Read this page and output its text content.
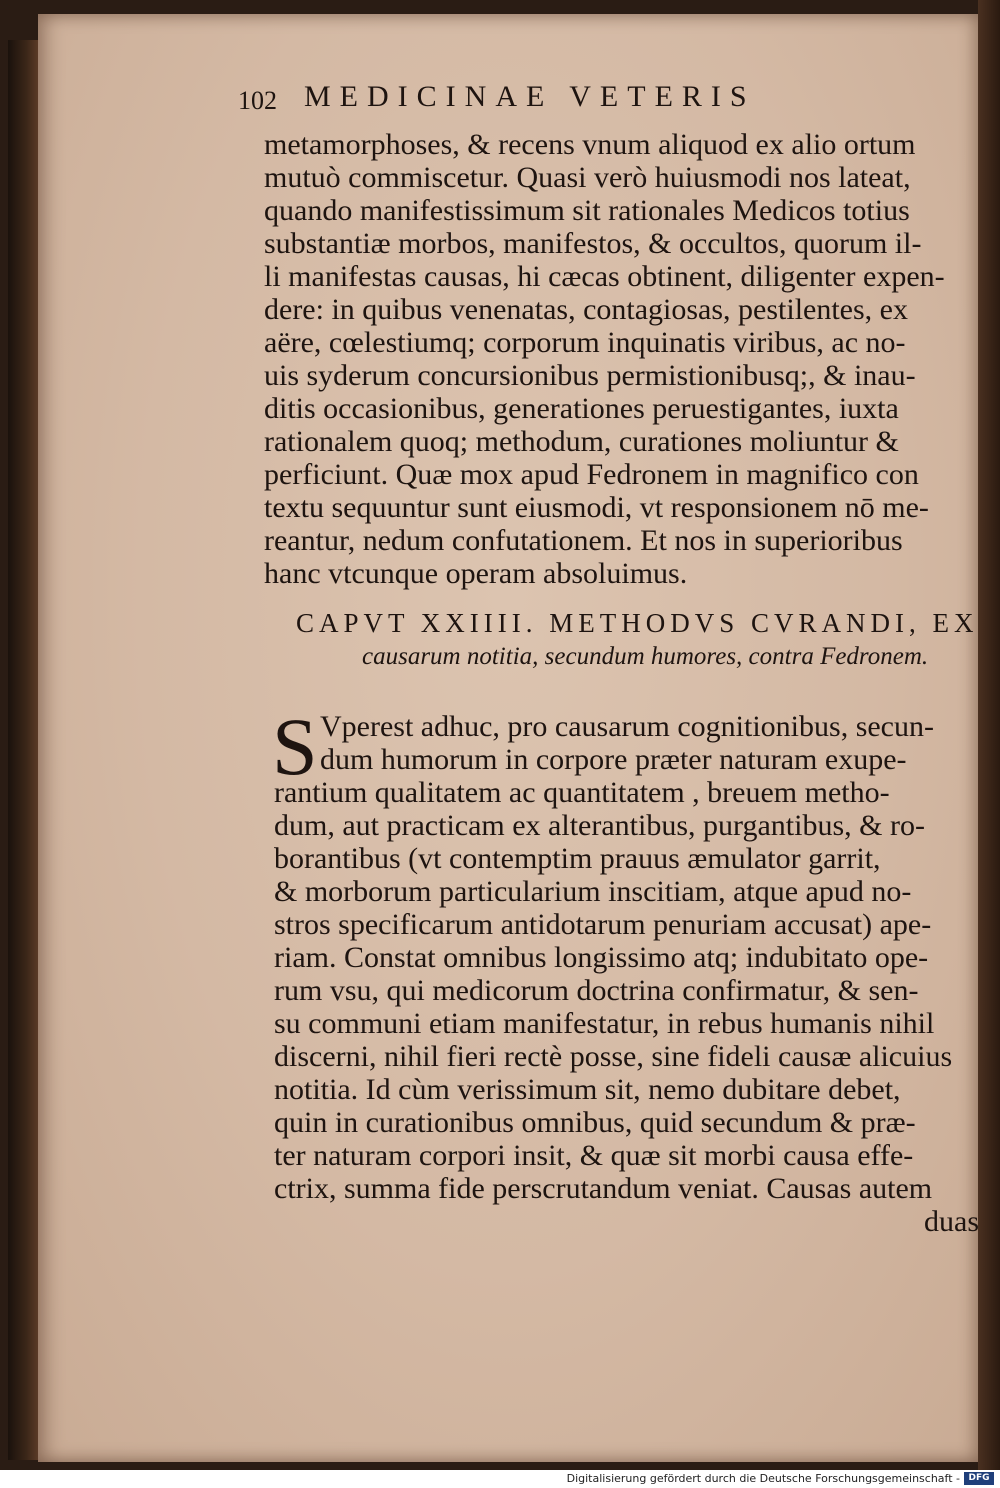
102 MEDICINAE VETERIS
metamorphoses, & recens vnum aliquod ex alio ortum
mutuò commiscetur. Quasi verò huiusmodi nos lateat,
quando manifestissimum sit rationales Medicos totius
substantiæ morbos, manifestos, & occultos, quorum il-
li manifestas causas, hi cæcas obtinent, diligenter expen-
dere: in quibus venenatas, contagiosas, pestilentes, ex
aëre, cœlestiumq; corporum inquinatis viribus, ac no-
uis syderum concursionibus permistionibusq;, & inau-
ditis occasionibus, generationes peruestigantes, iuxta
rationalem quoq; methodum, curationes moliuntur &
perficiunt. Quæ mox apud Fedronem in magnifico con
textu sequuntur sunt eiusmodi, vt responsionem nō me-
reantur, nedum confutationem. Et nos in superioribus
hanc vtcunque operam absoluimus.
CAPVT XXIIII. METHODVS CVRANDI, EX
causarum notitia, secundum humores, contra Fedronem.
S Vperest adhuc, pro causarum cognitionibus, secun-
dum humorum in corpore præter naturam exupe-
rantium qualitatem ac quantitatem , breuem metho-
dum, aut practicam ex alterantibus, purgantibus, & ro-
borantibus (vt contemptim prauus æmulator garrit,
& morborum particularium inscitiam, atque apud no-
stros specificarum antidotarum penuriam accusat) ape-
riam. Constat omnibus longissimo atq; indubitato ope-
rum vsu, qui medicorum doctrina confirmatur, & sen-
su communi etiam manifestatur, in rebus humanis nihil
discerni, nihil fieri rectè posse, sine fideli causæ alicuius
notitia. Id cùm verissimum sit, nemo dubitare debet,
quin in curationibus omnibus, quid secundum & præ-
ter naturam corpori insit, & quæ sit morbi causa effe-
ctrix, summa fide perscrutandum veniat. Causas autem
duas
Digitalisierung gefördert durch die Deutsche Forschungsgemeinschaft - DFG
